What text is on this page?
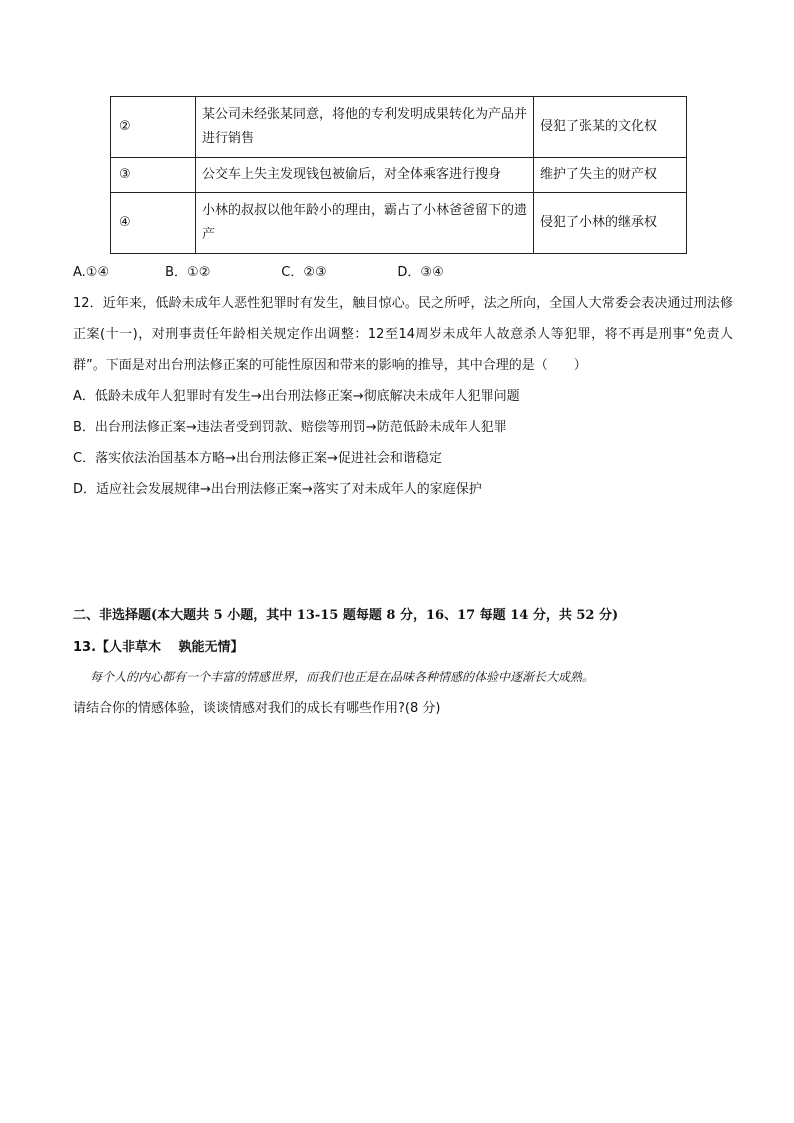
②	某公司未经张某同意，将他的专利发明成果转化为产品并进行销售	侵犯了张某的文化权
③	公交车上失主发现钱包被偷后，对全体乘客进行搜身	维护了失主的财产权
④	小林的叔叔以他年龄小的理由，霸占了小林爸爸留下的遗产	侵犯了小林的继承权
A.①④	B．①②	C．②③	D．③④

12．近年来，低龄未成年人恶性犯罪时有发生，触目惊心。民之所呼，法之所向，全国人大常委会表决通过刑法修正案(十一)，对刑事责任年龄相关规定作出调整：12至14周岁未成年人故意杀人等犯罪，将不再是刑事“免责人群”。下面是对出台刑法修正案的可能性原因和带来的影响的推导，其中合理的是（　　）

A．低龄未成年人犯罪时有发生→出台刑法修正案→彻底解决未成年人犯罪问题

B．出台刑法修正案→违法者受到罚款、赔偿等刑罚→防范低龄未成年人犯罪

C．落实依法治国基本方略→出台刑法修正案→促进社会和谐稳定

D．适应社会发展规律→出台刑法修正案→落实了对未成年人的家庭保护

二、非选择题(本大题共 5 小题，其中 13-15 题每题 8 分，16、17 每题 14 分，共 52 分)
13.【人非草木　 孰能无情】
每个人的内心都有一个丰富的情感世界，而我们也正是在品味各种情感的体验中逐渐长大成熟。
请结合你的情感体验，谈谈情感对我们的成长有哪些作用?(8 分)
